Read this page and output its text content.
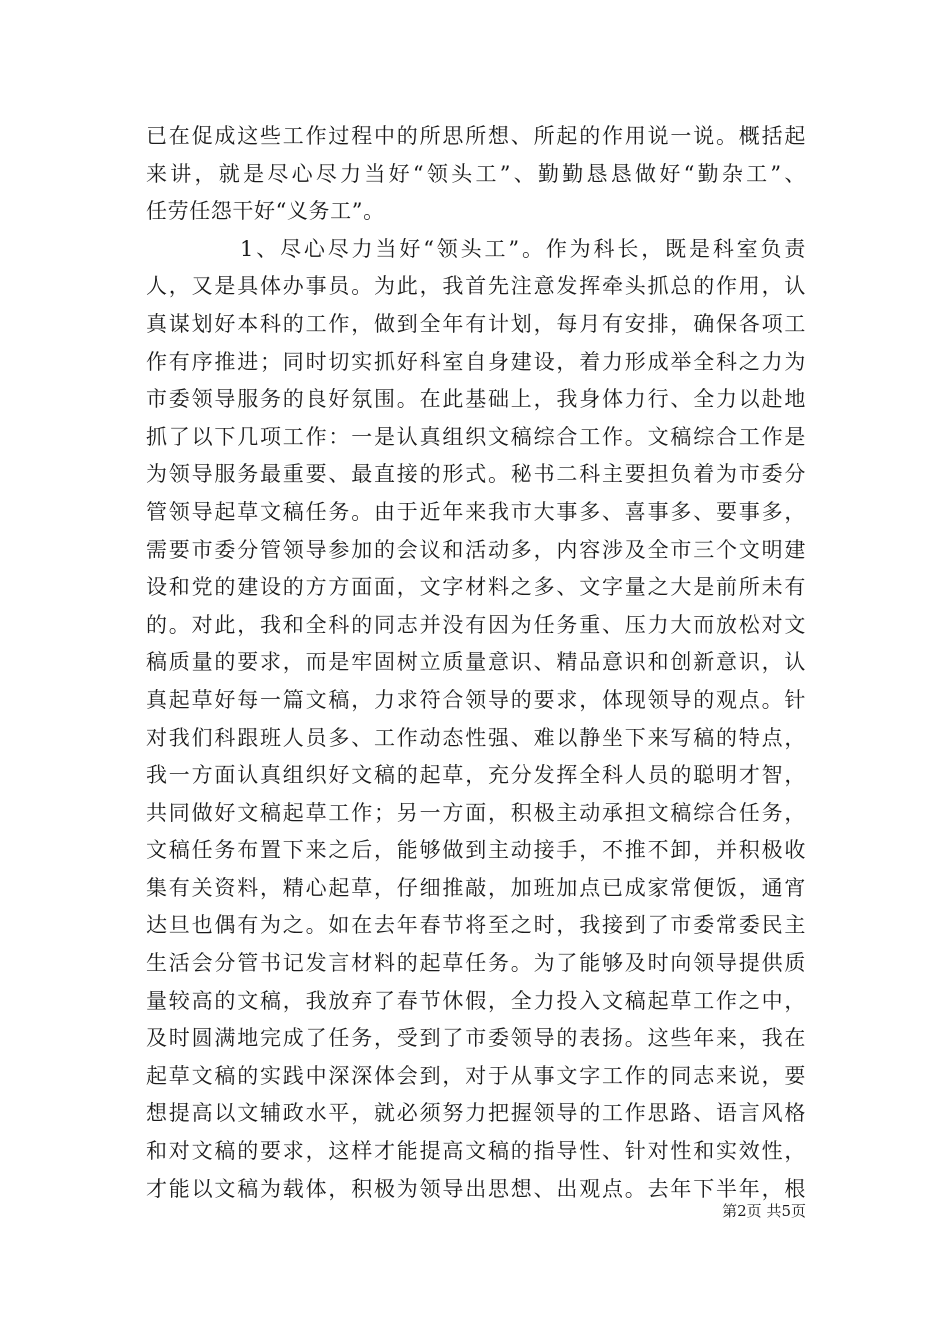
已在促成这些工作过程中的所思所想、所起的作用说一说。概括起
来讲，就是尽心尽力当好“领头工”、勤勤恳恳做好“勤杂工”、
任劳任怨干好“义务工”。
1、尽心尽力当好“领头工”。作为科长，既是科室负责
人，又是具体办事员。为此，我首先注意发挥牵头抓总的作用，认
真谋划好本科的工作，做到全年有计划，每月有安排，确保各项工
作有序推进；同时切实抓好科室自身建设，着力形成举全科之力为
市委领导服务的良好氛围。在此基础上，我身体力行、全力以赴地
抓了以下几项工作：一是认真组织文稿综合工作。文稿综合工作是
为领导服务最重要、最直接的形式。秘书二科主要担负着为市委分
管领导起草文稿任务。由于近年来我市大事多、喜事多、要事多，
需要市委分管领导参加的会议和活动多，内容涉及全市三个文明建
设和党的建设的方方面面，文字材料之多、文字量之大是前所未有
的。对此，我和全科的同志并没有因为任务重、压力大而放松对文
稿质量的要求，而是牢固树立质量意识、精品意识和创新意识，认
真起草好每一篇文稿，力求符合领导的要求，体现领导的观点。针
对我们科跟班人员多、工作动态性强、难以静坐下来写稿的特点，
我一方面认真组织好文稿的起草，充分发挥全科人员的聪明才智，
共同做好文稿起草工作；另一方面，积极主动承担文稿综合任务，
文稿任务布置下来之后，能够做到主动接手，不推不卸，并积极收
集有关资料，精心起草，仔细推敲，加班加点已成家常便饭，通宵
达旦也偶有为之。如在去年春节将至之时，我接到了市委常委民主
生活会分管书记发言材料的起草任务。为了能够及时向领导提供质
量较高的文稿，我放弃了春节休假，全力投入文稿起草工作之中，
及时圆满地完成了任务，受到了市委领导的表扬。这些年来，我在
起草文稿的实践中深深体会到，对于从事文字工作的同志来说，要
想提高以文辅政水平，就必须努力把握领导的工作思路、语言风格
和对文稿的要求，这样才能提高文稿的指导性、针对性和实效性，
才能以文稿为载体，积极为领导出思想、出观点。去年下半年，根
第2页 共5页
